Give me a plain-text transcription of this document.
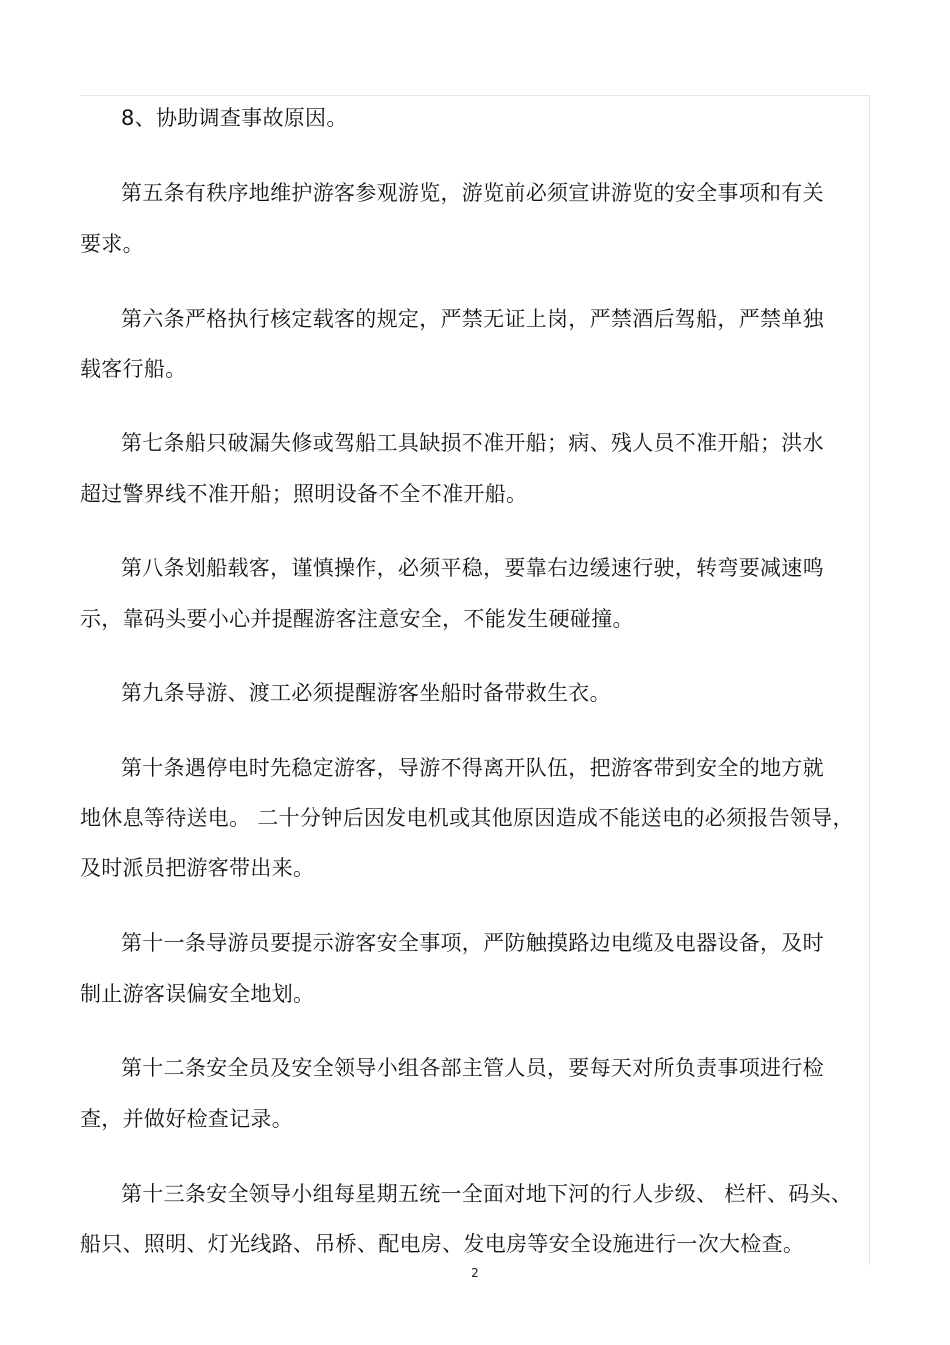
8、协助调查事故原因。
第五条有秩序地维护游客参观游览，游览前必须宣讲游览的安全事项和有关
要求。
第六条严格执行核定载客的规定，严禁无证上岗，严禁酒后驾船，严禁单独
载客行船。
第七条船只破漏失修或驾船工具缺损不准开船；病、残人员不准开船；洪水
超过警界线不准开船；照明设备不全不准开船。
第八条划船载客，谨慎操作，必须平稳，要靠右边缓速行驶，转弯要减速鸣
示，靠码头要小心并提醒游客注意安全，不能发生硬碰撞。
第九条导游、渡工必须提醒游客坐船时备带救生衣。
第十条遇停电时先稳定游客，导游不得离开队伍，把游客带到安全的地方就
地休息等待送电。 二十分钟后因发电机或其他原因造成不能送电的必须报告领导，
及时派员把游客带出来。
第十一条导游员要提示游客安全事项，严防触摸路边电缆及电器设备，及时
制止游客误偏安全地划。
第十二条安全员及安全领导小组各部主管人员，要每天对所负责事项进行检
查，并做好检查记录。
第十三条安全领导小组每星期五统一全面对地下河的行人步级、 栏杆、码头、
船只、照明、灯光线路、吊桥、配电房、发电房等安全设施进行一次大检查。
2
